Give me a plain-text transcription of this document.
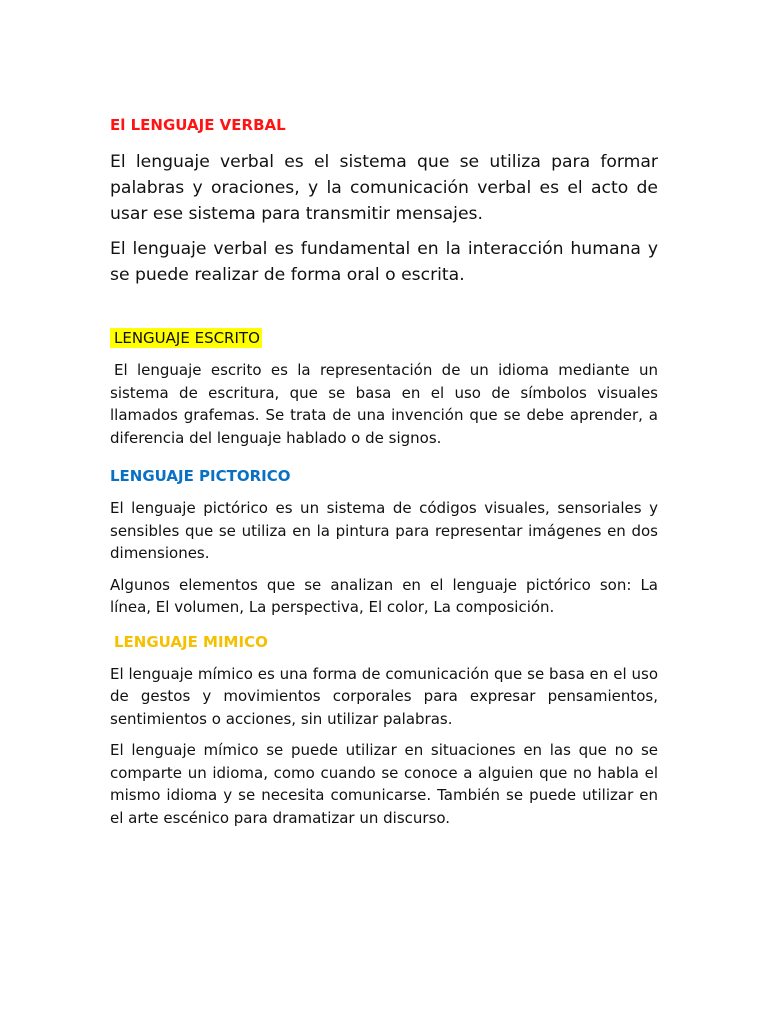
El LENGUAJE VERBAL

El lenguaje verbal es el sistema que se utiliza para formar palabras y oraciones, y la comunicación verbal es el acto de usar ese sistema para transmitir mensajes.

El lenguaje verbal es fundamental en la interacción humana y se puede realizar de forma oral o escrita.

LENGUAJE ESCRITO

El lenguaje escrito es la representación de un idioma mediante un sistema de escritura, que se basa en el uso de símbolos visuales llamados grafemas. Se trata de una invención que se debe aprender, a diferencia del lenguaje hablado o de signos.

LENGUAJE PICTORICO

El lenguaje pictórico es un sistema de códigos visuales, sensoriales y sensibles que se utiliza en la pintura para representar imágenes en dos dimensiones.

Algunos elementos que se analizan en el lenguaje pictórico son: La línea, El volumen, La perspectiva, El color, La composición.

LENGUAJE MIMICO

El lenguaje mímico es una forma de comunicación que se basa en el uso de gestos y movimientos corporales para expresar pensamientos, sentimientos o acciones, sin utilizar palabras.

El lenguaje mímico se puede utilizar en situaciones en las que no se comparte un idioma, como cuando se conoce a alguien que no habla el mismo idioma y se necesita comunicarse. También se puede utilizar en el arte escénico para dramatizar un discurso.
